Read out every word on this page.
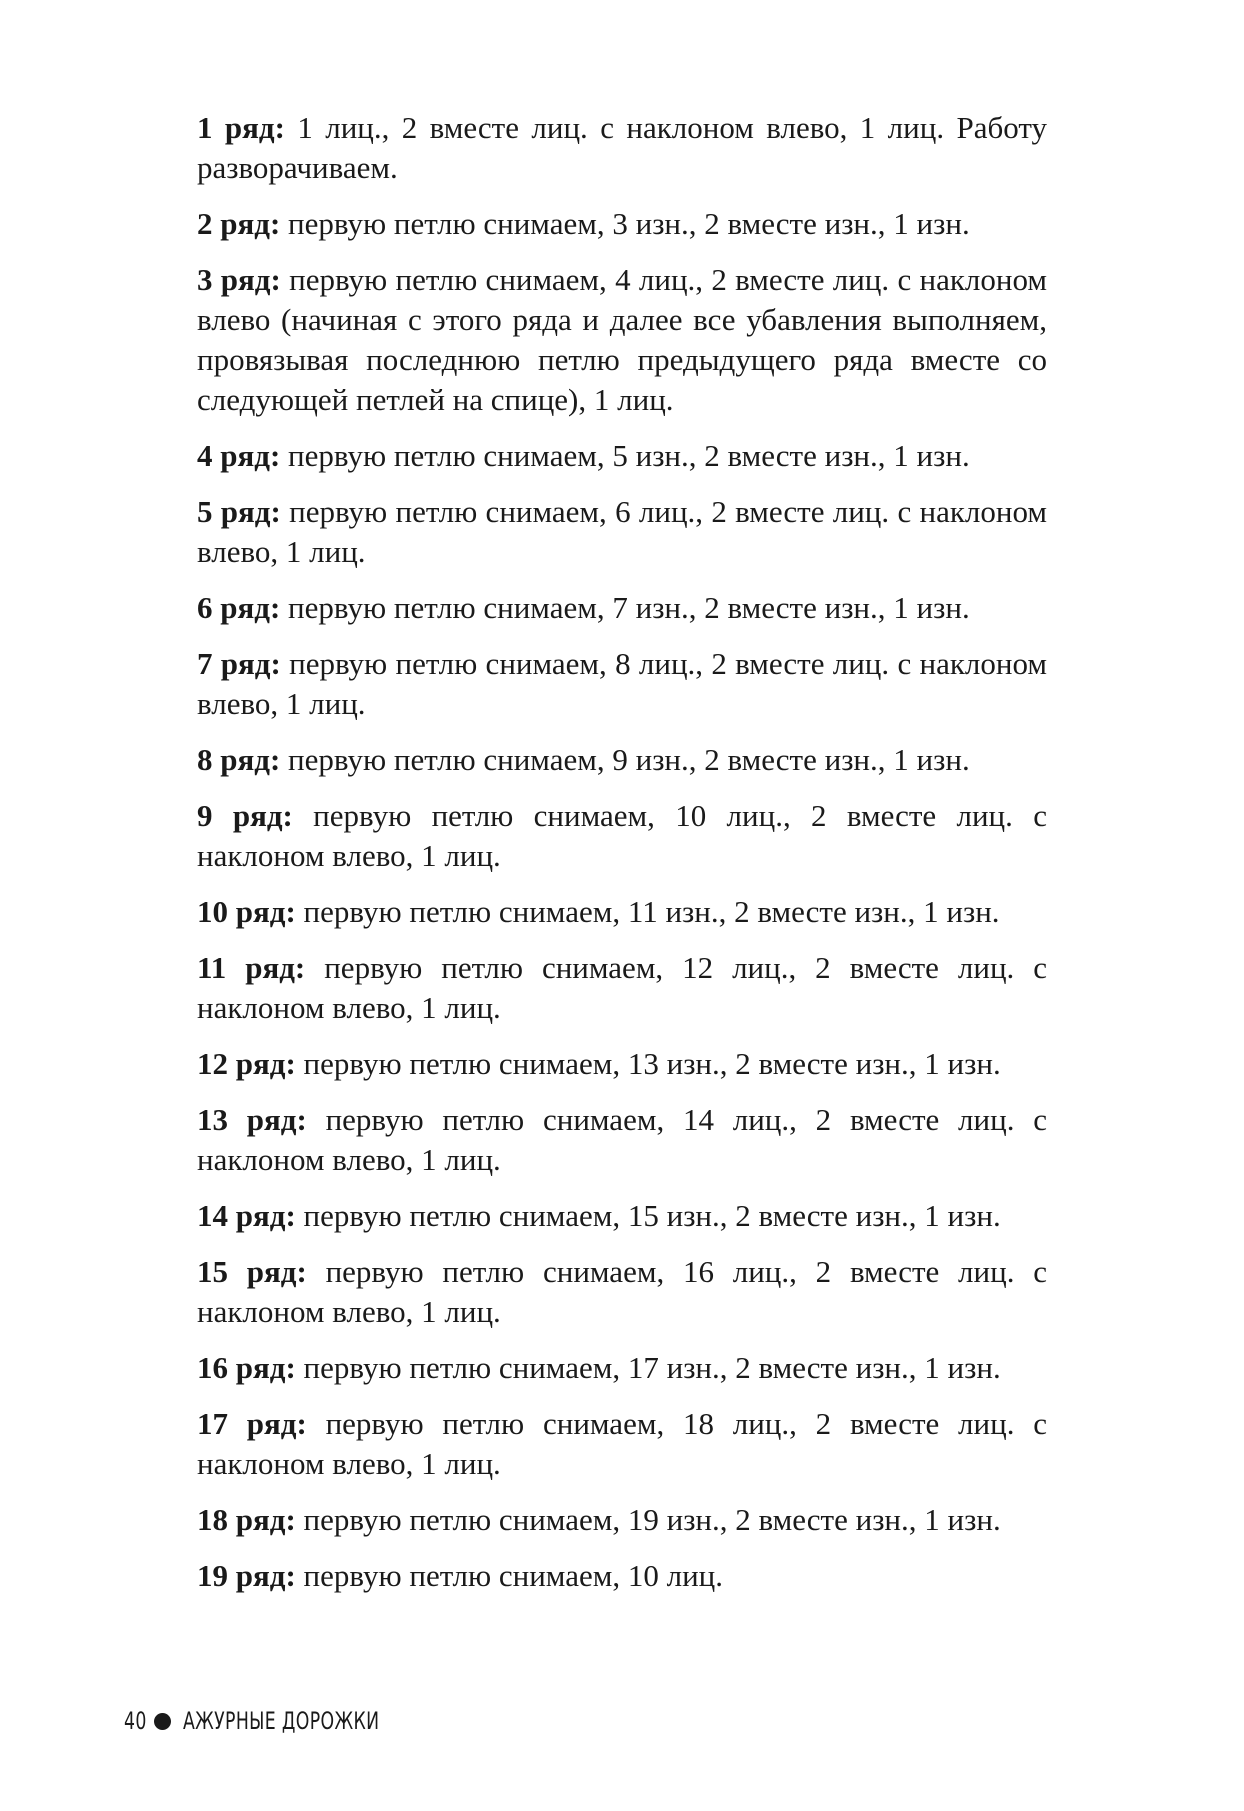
1 ряд: 1 лиц., 2 вместе лиц. с наклоном влево, 1 лиц. Работу разворачиваем.

2 ряд: первую петлю снимаем, 3 изн., 2 вместе изн., 1 изн.

3 ряд: первую петлю снимаем, 4 лиц., 2 вместе лиц. с наклоном влево (начиная с этого ряда и далее все убавления выполняем, провязывая последнюю петлю предыдущего ряда вместе со следующей петлей на спице), 1 лиц.

4 ряд: первую петлю снимаем, 5 изн., 2 вместе изн., 1 изн.

5 ряд: первую петлю снимаем, 6 лиц., 2 вместе лиц. с наклоном влево, 1 лиц.

6 ряд: первую петлю снимаем, 7 изн., 2 вместе изн., 1 изн.

7 ряд: первую петлю снимаем, 8 лиц., 2 вместе лиц. с наклоном влево, 1 лиц.

8 ряд: первую петлю снимаем, 9 изн., 2 вместе изн., 1 изн.

9 ряд: первую петлю снимаем, 10 лиц., 2 вместе лиц. с наклоном влево, 1 лиц.

10 ряд: первую петлю снимаем, 11 изн., 2 вместе изн., 1 изн.

11 ряд: первую петлю снимаем, 12 лиц., 2 вместе лиц. с наклоном влево, 1 лиц.

12 ряд: первую петлю снимаем, 13 изн., 2 вместе изн., 1 изн.

13 ряд: первую петлю снимаем, 14 лиц., 2 вместе лиц. с наклоном влево, 1 лиц.

14 ряд: первую петлю снимаем, 15 изн., 2 вместе изн., 1 изн.

15 ряд: первую петлю снимаем, 16 лиц., 2 вместе лиц. с наклоном влево, 1 лиц.

16 ряд: первую петлю снимаем, 17 изн., 2 вместе изн., 1 изн.

17 ряд: первую петлю снимаем, 18 лиц., 2 вместе лиц. с наклоном влево, 1 лиц.

18 ряд: первую петлю снимаем, 19 изн., 2 вместе изн., 1 изн.

19 ряд: первую петлю снимаем, 10 лиц.

40 АЖУРНЫЕ ДОРОЖКИ
